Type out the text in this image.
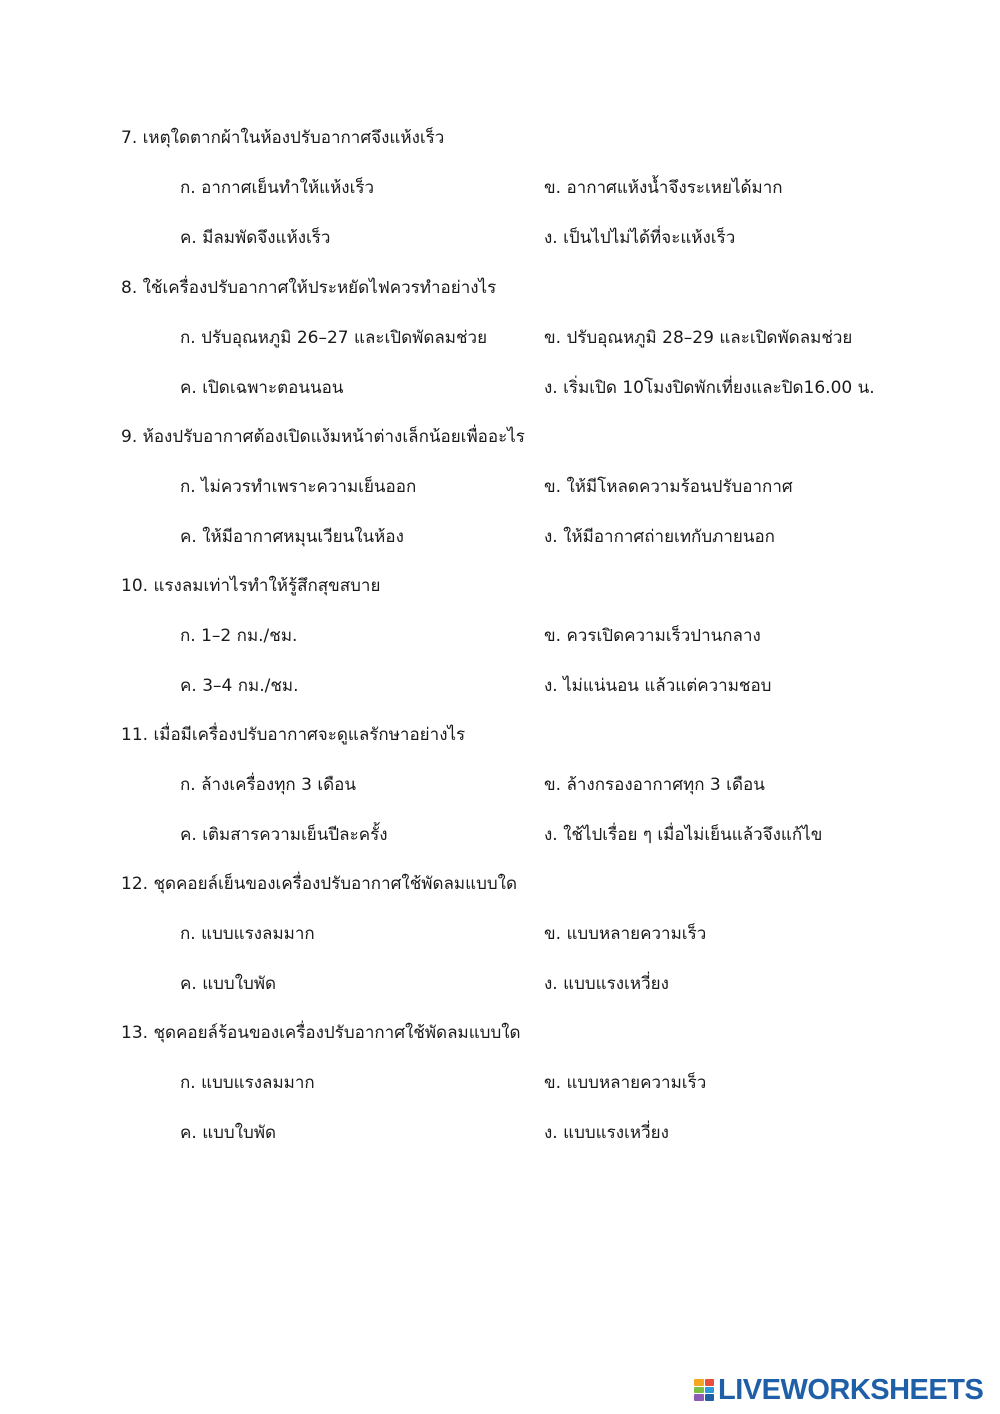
7. เหตุใดตากผ้าในห้องปรับอากาศจึงแห้งเร็ว
ก. อากาศเย็นทำให้แห้งเร็ว	ข. อากาศแห้งน้ำจึงระเหยได้มาก
ค. มีลมพัดจึงแห้งเร็ว	ง. เป็นไปไม่ได้ที่จะแห้งเร็ว
8. ใช้เครื่องปรับอากาศให้ประหยัดไฟควรทำอย่างไร
ก. ปรับอุณหภูมิ 26–27 และเปิดพัดลมช่วย	ข. ปรับอุณหภูมิ 28–29 และเปิดพัดลมช่วย
ค. เปิดเฉพาะตอนนอน	ง. เริ่มเปิด 10โมงปิดพักเที่ยงและปิด16.00 น.
9. ห้องปรับอากาศต้องเปิดแง้มหน้าต่างเล็กน้อยเพื่ออะไร
ก. ไม่ควรทำเพราะความเย็นออก	ข. ให้มีโหลดความร้อนปรับอากาศ
ค. ให้มีอากาศหมุนเวียนในห้อง	ง. ให้มีอากาศถ่ายเทกับภายนอก
10. แรงลมเท่าไรทำให้รู้สึกสุขสบาย
ก. 1–2 กม./ชม.	ข. ควรเปิดความเร็วปานกลาง
ค. 3–4 กม./ชม.	ง. ไม่แน่นอน แล้วแต่ความชอบ
11. เมื่อมีเครื่องปรับอากาศจะดูแลรักษาอย่างไร
ก. ล้างเครื่องทุก 3 เดือน	ข. ล้างกรองอากาศทุก 3 เดือน
ค. เติมสารความเย็นปีละครั้ง	ง. ใช้ไปเรื่อย ๆ เมื่อไม่เย็นแล้วจึงแก้ไข
12. ชุดคอยล์เย็นของเครื่องปรับอากาศใช้พัดลมแบบใด
ก. แบบแรงลมมาก	ข. แบบหลายความเร็ว
ค. แบบใบพัด	ง. แบบแรงเหวี่ยง
13. ชุดคอยล์ร้อนของเครื่องปรับอากาศใช้พัดลมแบบใด
ก. แบบแรงลมมาก	ข. แบบหลายความเร็ว
ค. แบบใบพัด	ง. แบบแรงเหวี่ยง
LIVEWORKSHEETS
